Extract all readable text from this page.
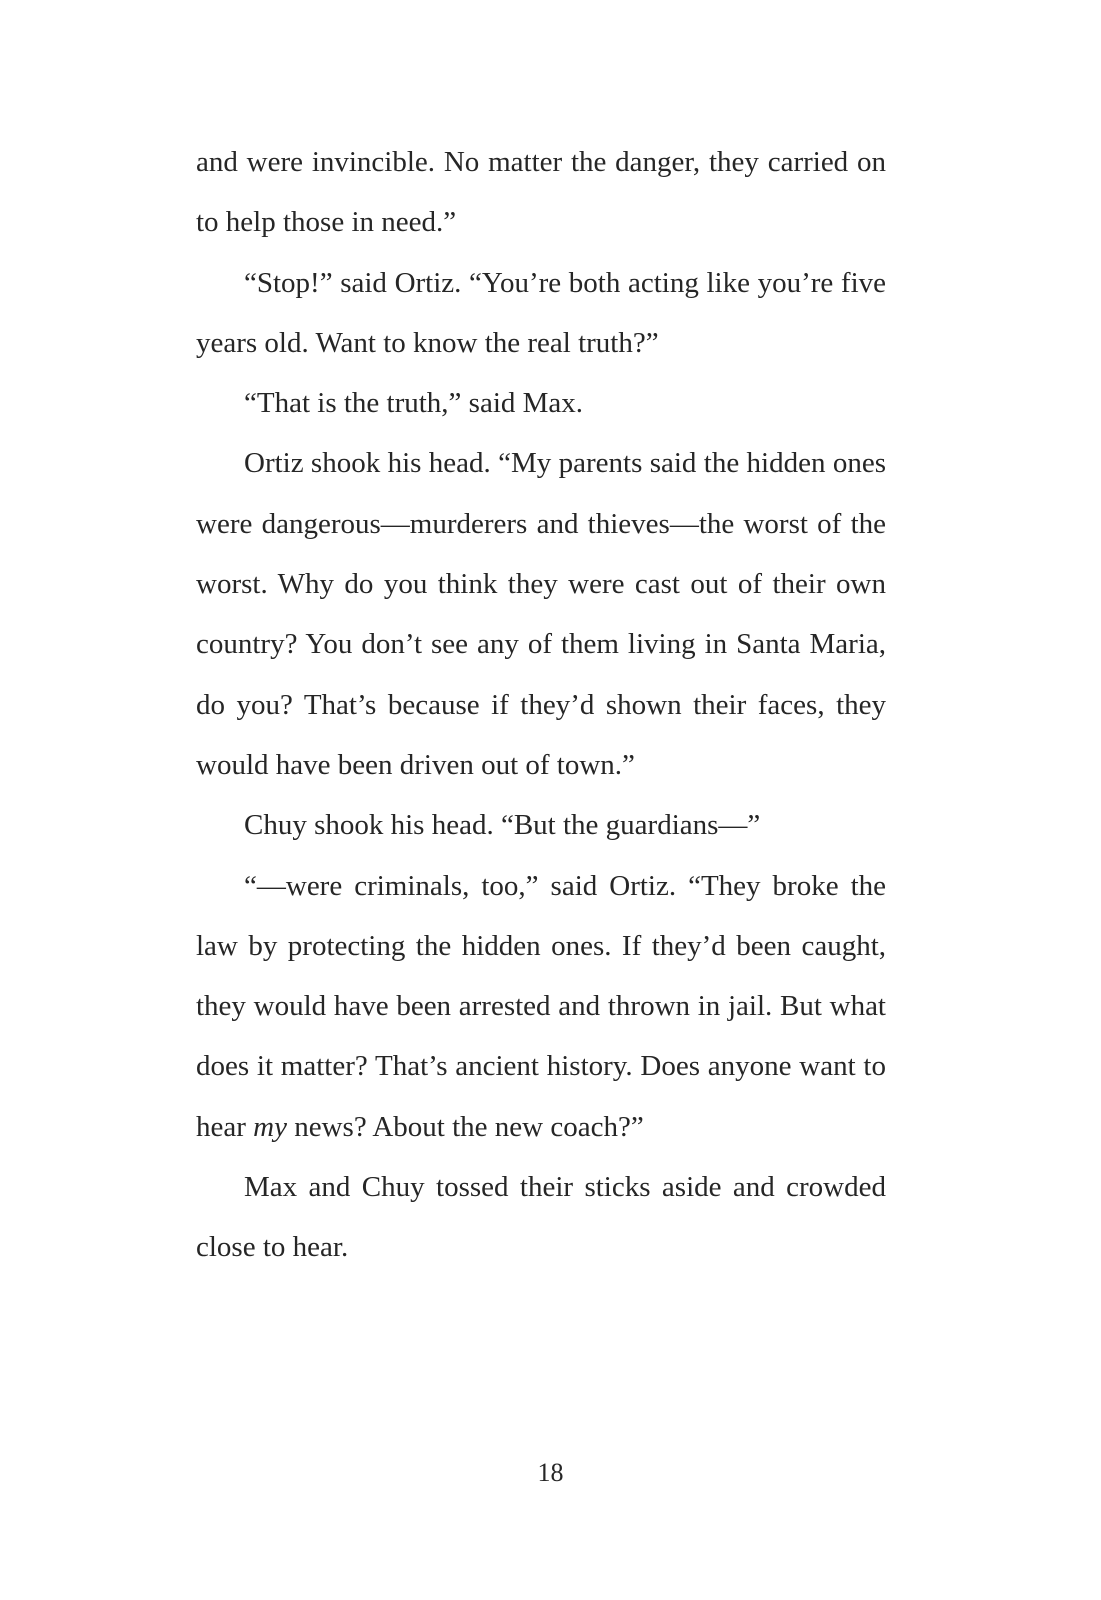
and were invincible. No matter the danger, they carried on to help those in need.”

“Stop!” said Ortiz. “You’re both acting like you’re five years old. Want to know the real truth?”

“That is the truth,” said Max.

Ortiz shook his head. “My parents said the hidden ones were dangerous—murderers and thieves—the worst of the worst. Why do you think they were cast out of their own country? You don’t see any of them living in Santa Maria, do you? That’s because if they’d shown their faces, they would have been driven out of town.”

Chuy shook his head. “But the guardians—”

“—were criminals, too,” said Ortiz. “They broke the law by protecting the hidden ones. If they’d been caught, they would have been arrested and thrown in jail. But what does it matter? That’s ancient history. Does anyone want to hear my news? About the new coach?”

Max and Chuy tossed their sticks aside and crowded close to hear.

18
